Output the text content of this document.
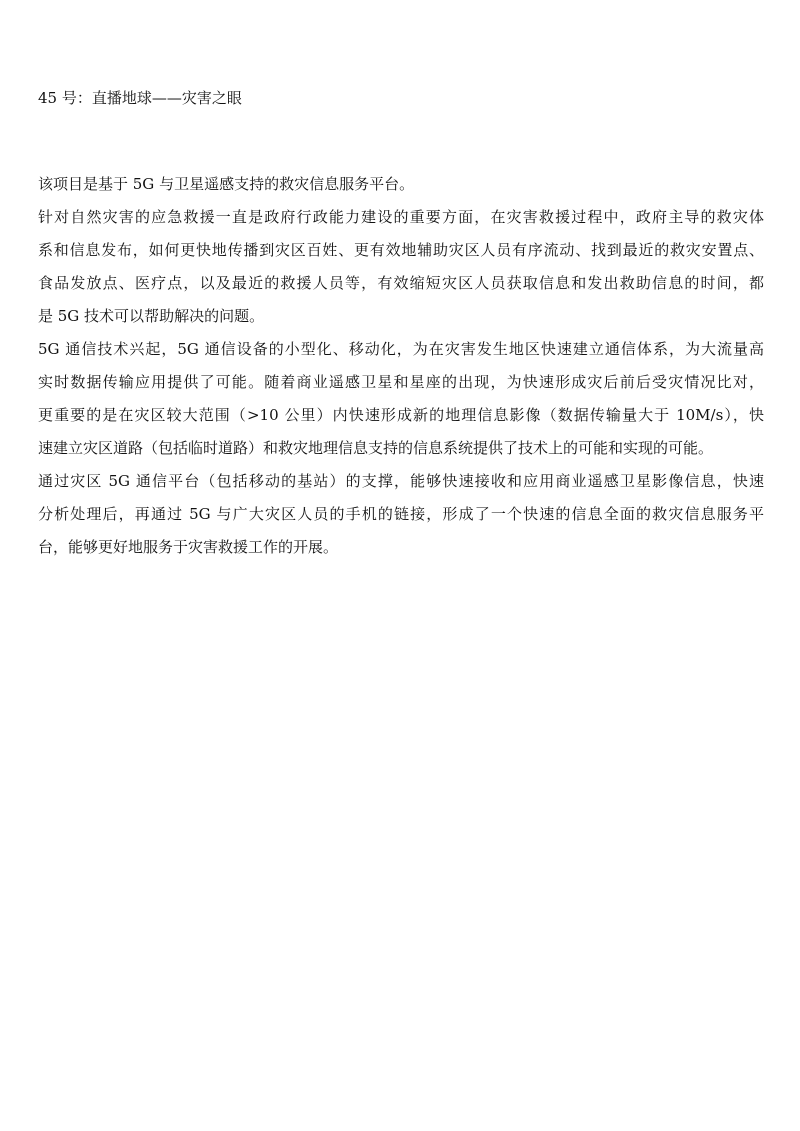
45 号：直播地球——灾害之眼
该项目是基于 5G 与卫星遥感支持的救灾信息服务平台。
针对自然灾害的应急救援一直是政府行政能力建设的重要方面，在灾害救援过程中，政府主导的救灾体
系和信息发布，如何更快地传播到灾区百姓、更有效地辅助灾区人员有序流动、找到最近的救灾安置点、
食品发放点、医疗点，以及最近的救援人员等，有效缩短灾区人员获取信息和发出救助信息的时间，都
是 5G 技术可以帮助解决的问题。
5G 通信技术兴起，5G 通信设备的小型化、移动化，为在灾害发生地区快速建立通信体系，为大流量高
实时数据传输应用提供了可能。随着商业遥感卫星和星座的出现，为快速形成灾后前后受灾情况比对，
更重要的是在灾区较大范围（>10 公里）内快速形成新的地理信息影像（数据传输量大于 10M/s），快
速建立灾区道路（包括临时道路）和救灾地理信息支持的信息系统提供了技术上的可能和实现的可能。
通过灾区 5G 通信平台（包括移动的基站）的支撑，能够快速接收和应用商业遥感卫星影像信息，快速
分析处理后，再通过 5G 与广大灾区人员的手机的链接，形成了一个快速的信息全面的救灾信息服务平
台，能够更好地服务于灾害救援工作的开展。
